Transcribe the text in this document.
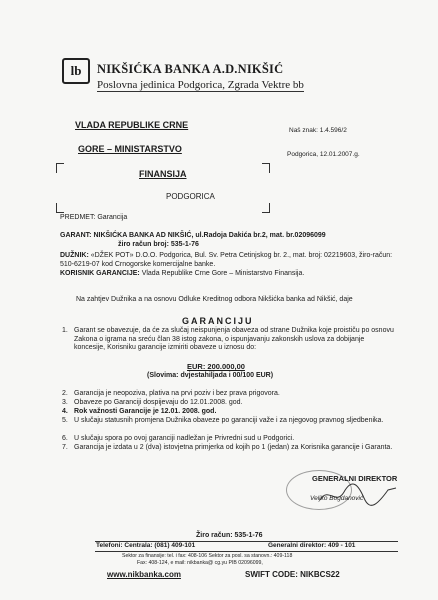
lb NIKŠIĆKA BANKA A.D.NIKŠIĆ
Poslovna jedinica Podgorica, Zgrada Vektre bb
VLADA REPUBLIKE CRNE
GORE – MINISTARSTVO
FINANSIJA
PODGORICA
Naš znak: 1.4.596/2
Podgorica, 12.01.2007.g.
PREDMET: Garancija
GARANT: NIKŠIĆKA BANKA AD NIKŠIĆ, ul.Radoja Dakića br.2, mat. br.02096099
žiro račun broj: 535-1-76
DUŽNIK: «DŽEK POT» D.O.O. Podgorica, Bul. Sv. Petra Cetinjskog br. 2., mat. broj: 02219603, žiro-račun: 510-6219-07 kod Crnogorske komercijalne banke.
KORISNIK GARANCIJE: Vlada Republike Crne Gore – Ministarstvo Finansija.
Na zahtjev Dužnika a na osnovu Odluke Kreditnog odbora Nikšićka banka ad Nikšić, daje
GARANCIJU
1. Garant se obavezuje, da će za slučaj neispunjenja obaveza od strane Dužnika koje proističu po osnovu Zakona o igrama na sreću član 38 istog zakona, o ispunjavanju zakonskih uslova za dobijanje koncesije, Korisniku garancije izmiriti obaveze u iznosu do:
EUR: 200.000,00
(Slovima: dvjestahiljada i 00/100 EUR)
2. Garancija je neopoziva, plativa na prvi poziv i bez prava prigovora.
3. Obaveze po Garanciji dospijevaju do 12.01.2008. god.
4. Rok važnosti Garancije je 12.01. 2008. god.
5. U slučaju statusnih promjena Dužnika obaveze po garanciji važe i za njegovog pravnog sljedbenika.
6. U slučaju spora po ovoj garanciji nadležan je Privredni sud u Podgorici.
7. Garancija je izdata u 2 (dva) istovjetna primjerka od kojih po 1 (jedan) za Korisnika garancije i Garanta.
GENERALNI DIREKTOR
Veljko Bogdanović
Žiro račun: 535-1-76
Telefoni: Centrala: (081) 409-101	Generalni direktor: 409 - 101
Sektor za finansije: tel. i fax: 408-106 Sektor za posl. sa stanovn.: 409-118
Fax: 408-124, e mail: nikbanka@ cg.yu PIB 02096099,
www.nikbanka.com	SWIFT CODE: NIKBCS22
